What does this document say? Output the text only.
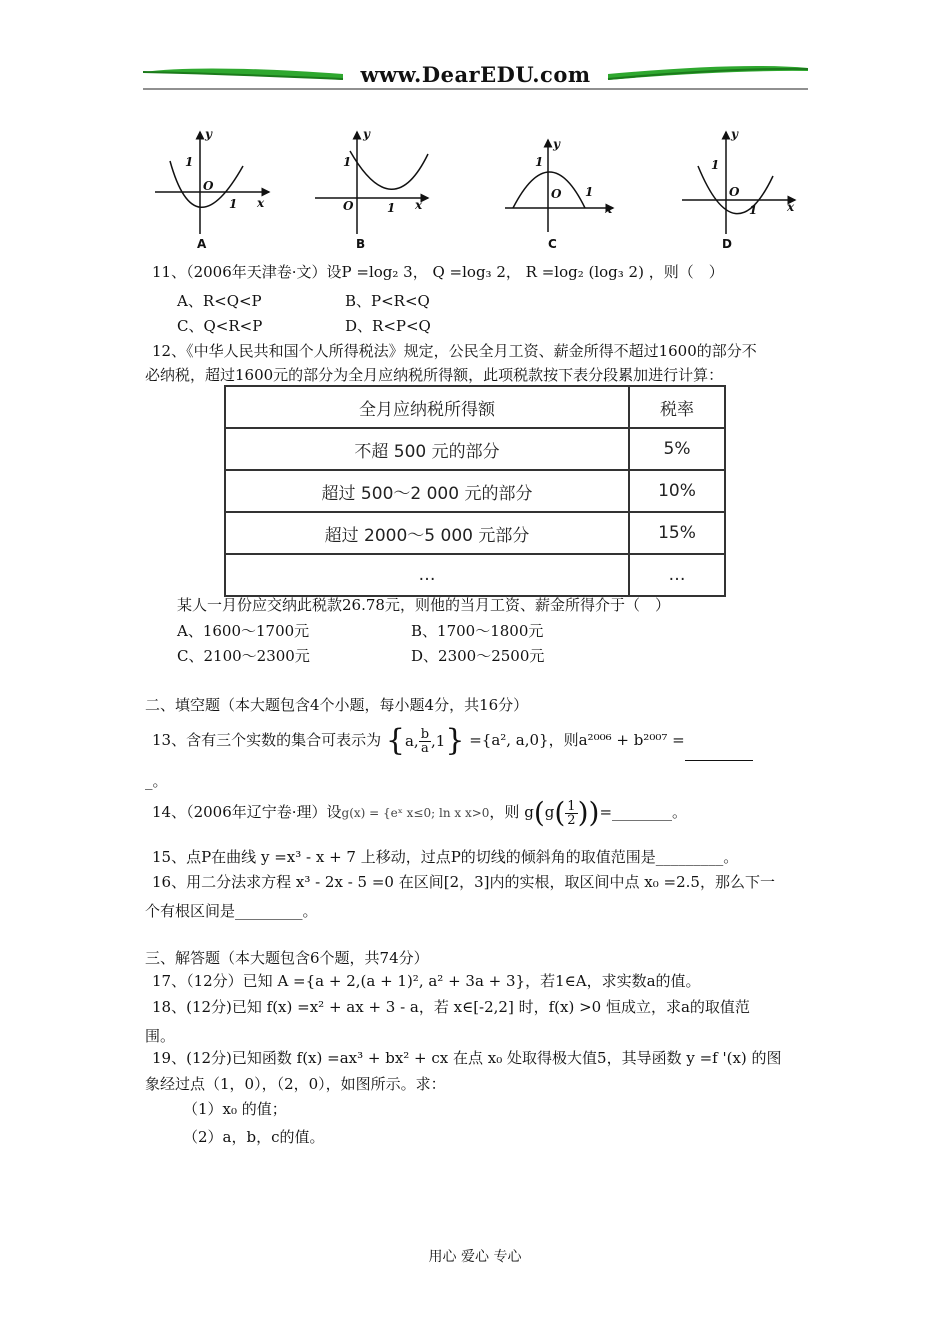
www.DearEDU.com
y
O
1
1 x
y
O
1
1 x
y
O
1
1
x
y
O
1
1 x
A	B	C	D
11、（2006年天津卷·文）设P =log₂ 3， Q =log₃ 2， R =log₂ (log₃ 2) ，则（　）
A、R<Q<P	B、P<R<Q
C、Q<R<P	D、R<P<Q
12、《中华人民共和国个人所得税法》规定，公民全月工资、薪金所得不超过1600的部分不
必纳税，超过1600元的部分为全月应纳税所得额，此项税款按下表分段累加进行计算：
全月应纳税所得额	税率
不超 500 元的部分	5%
超过 500～2 000 元的部分	10%
超过 2000～5 000 元部分	15%
…	…
某人一月份应交纳此税款26.78元，则他的当月工资、薪金所得介于（　）
A、1600～1700元	B、1700～1800元
C、2100～2300元	D、2300～2500元
二、填空题（本大题包含4个小题，每小题4分，共16分）
13、含有三个实数的集合可表示为 {a, $\frac{b}{a} ,1\} =\{a^2$, a,0}，则a²⁰⁰⁶ + b²⁰⁰⁷ =
_。
14、（2006年辽宁卷·理）设g(x) = {eˣ x≤0; ln x x>0，则 $g(g( \frac{1}{2}$ ))=________。
15、点P在曲线 y =x³ - x + 7 上移动，过点P的切线的倾斜角的取值范围是_________。
16、用二分法求方程 x³ - 2x - 5 =0 在区间[2，3]内的实根，取区间中点 x₀ =2.5，那么下一
个有根区间是_________。
三、解答题（本大题包含6个题，共74分）
17、（12分）已知 A ={a + 2,(a + 1)², a² + 3a + 3}，若1∈A，求实数a的值。
18、(12分)已知 f(x) =x² + ax + 3 - a，若 x∈[-2,2] 时，f(x) >0 恒成立，求a的取值范
围。
19、(12分)已知函数 f(x) =ax³ + bx² + cx 在点 x₀ 处取得极大值5，其导函数 y =f '(x) 的图
象经过点（1，0），（2，0），如图所示。求：
（1）x₀ 的值；
（2）a，b，c的值。
用心 爱心 专心
